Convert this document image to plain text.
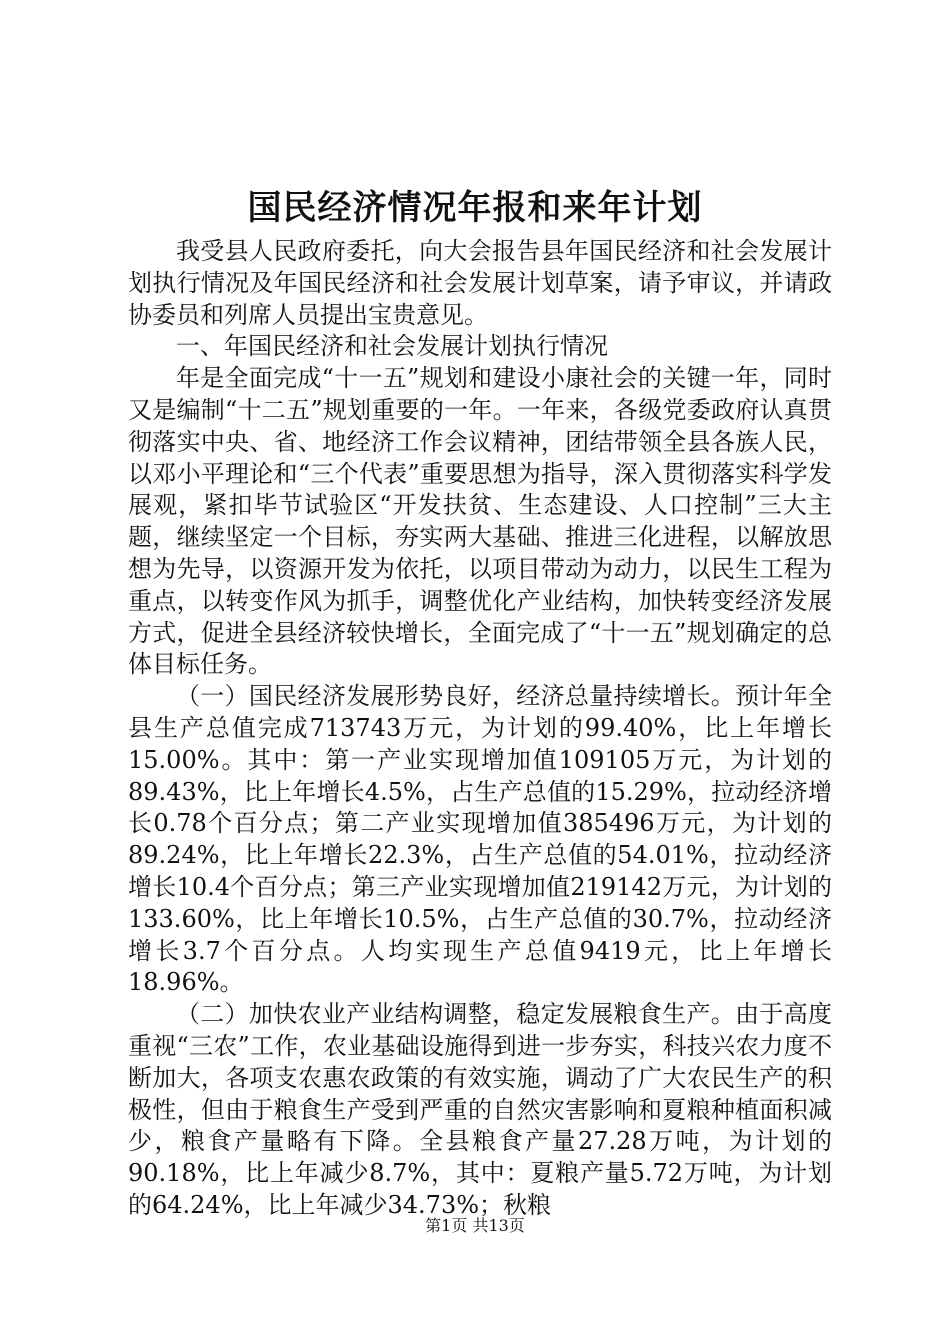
国民经济情况年报和来年计划

我受县人民政府委托，向大会报告县年国民经济和社会发展计划执行情况及年国民经济和社会发展计划草案，请予审议，并请政协委员和列席人员提出宝贵意见。

一、年国民经济和社会发展计划执行情况

年是全面完成“十一五”规划和建设小康社会的关键一年，同时又是编制“十二五”规划重要的一年。一年来，各级党委政府认真贯彻落实中央、省、地经济工作会议精神，团结带领全县各族人民，以邓小平理论和“三个代表”重要思想为指导，深入贯彻落实科学发展观，紧扣毕节试验区“开发扶贫、生态建设、人口控制”三大主题，继续坚定一个目标，夯实两大基础、推进三化进程，以解放思想为先导，以资源开发为依托，以项目带动为动力，以民生工程为重点，以转变作风为抓手，调整优化产业结构，加快转变经济发展方式，促进全县经济较快增长，全面完成了“十一五”规划确定的总体目标任务。

（一）国民经济发展形势良好，经济总量持续增长。预计年全县生产总值完成713743万元，为计划的99.40%，比上年增长15.00%。其中：第一产业实现增加值109105万元，为计划的89.43%，比上年增长4.5%，占生产总值的15.29%，拉动经济增长0.78个百分点；第二产业实现增加值385496万元，为计划的89.24%，比上年增长22.3%，占生产总值的54.01%，拉动经济增长10.4个百分点；第三产业实现增加值219142万元，为计划的133.60%，比上年增长10.5%，占生产总值的30.7%，拉动经济增长3.7个百分点。人均实现生产总值9419元，比上年增长18.96%。

（二）加快农业产业结构调整，稳定发展粮食生产。由于高度重视“三农”工作，农业基础设施得到进一步夯实，科技兴农力度不断加大，各项支农惠农政策的有效实施，调动了广大农民生产的积极性，但由于粮食生产受到严重的自然灾害影响和夏粮种植面积减少，粮食产量略有下降。全县粮食产量27.28万吨，为计划的90.18%，比上年减少8.7%，其中：夏粮产量5.72万吨，为计划的64.24%，比上年减少34.73%；秋粮

第1页 共13页
